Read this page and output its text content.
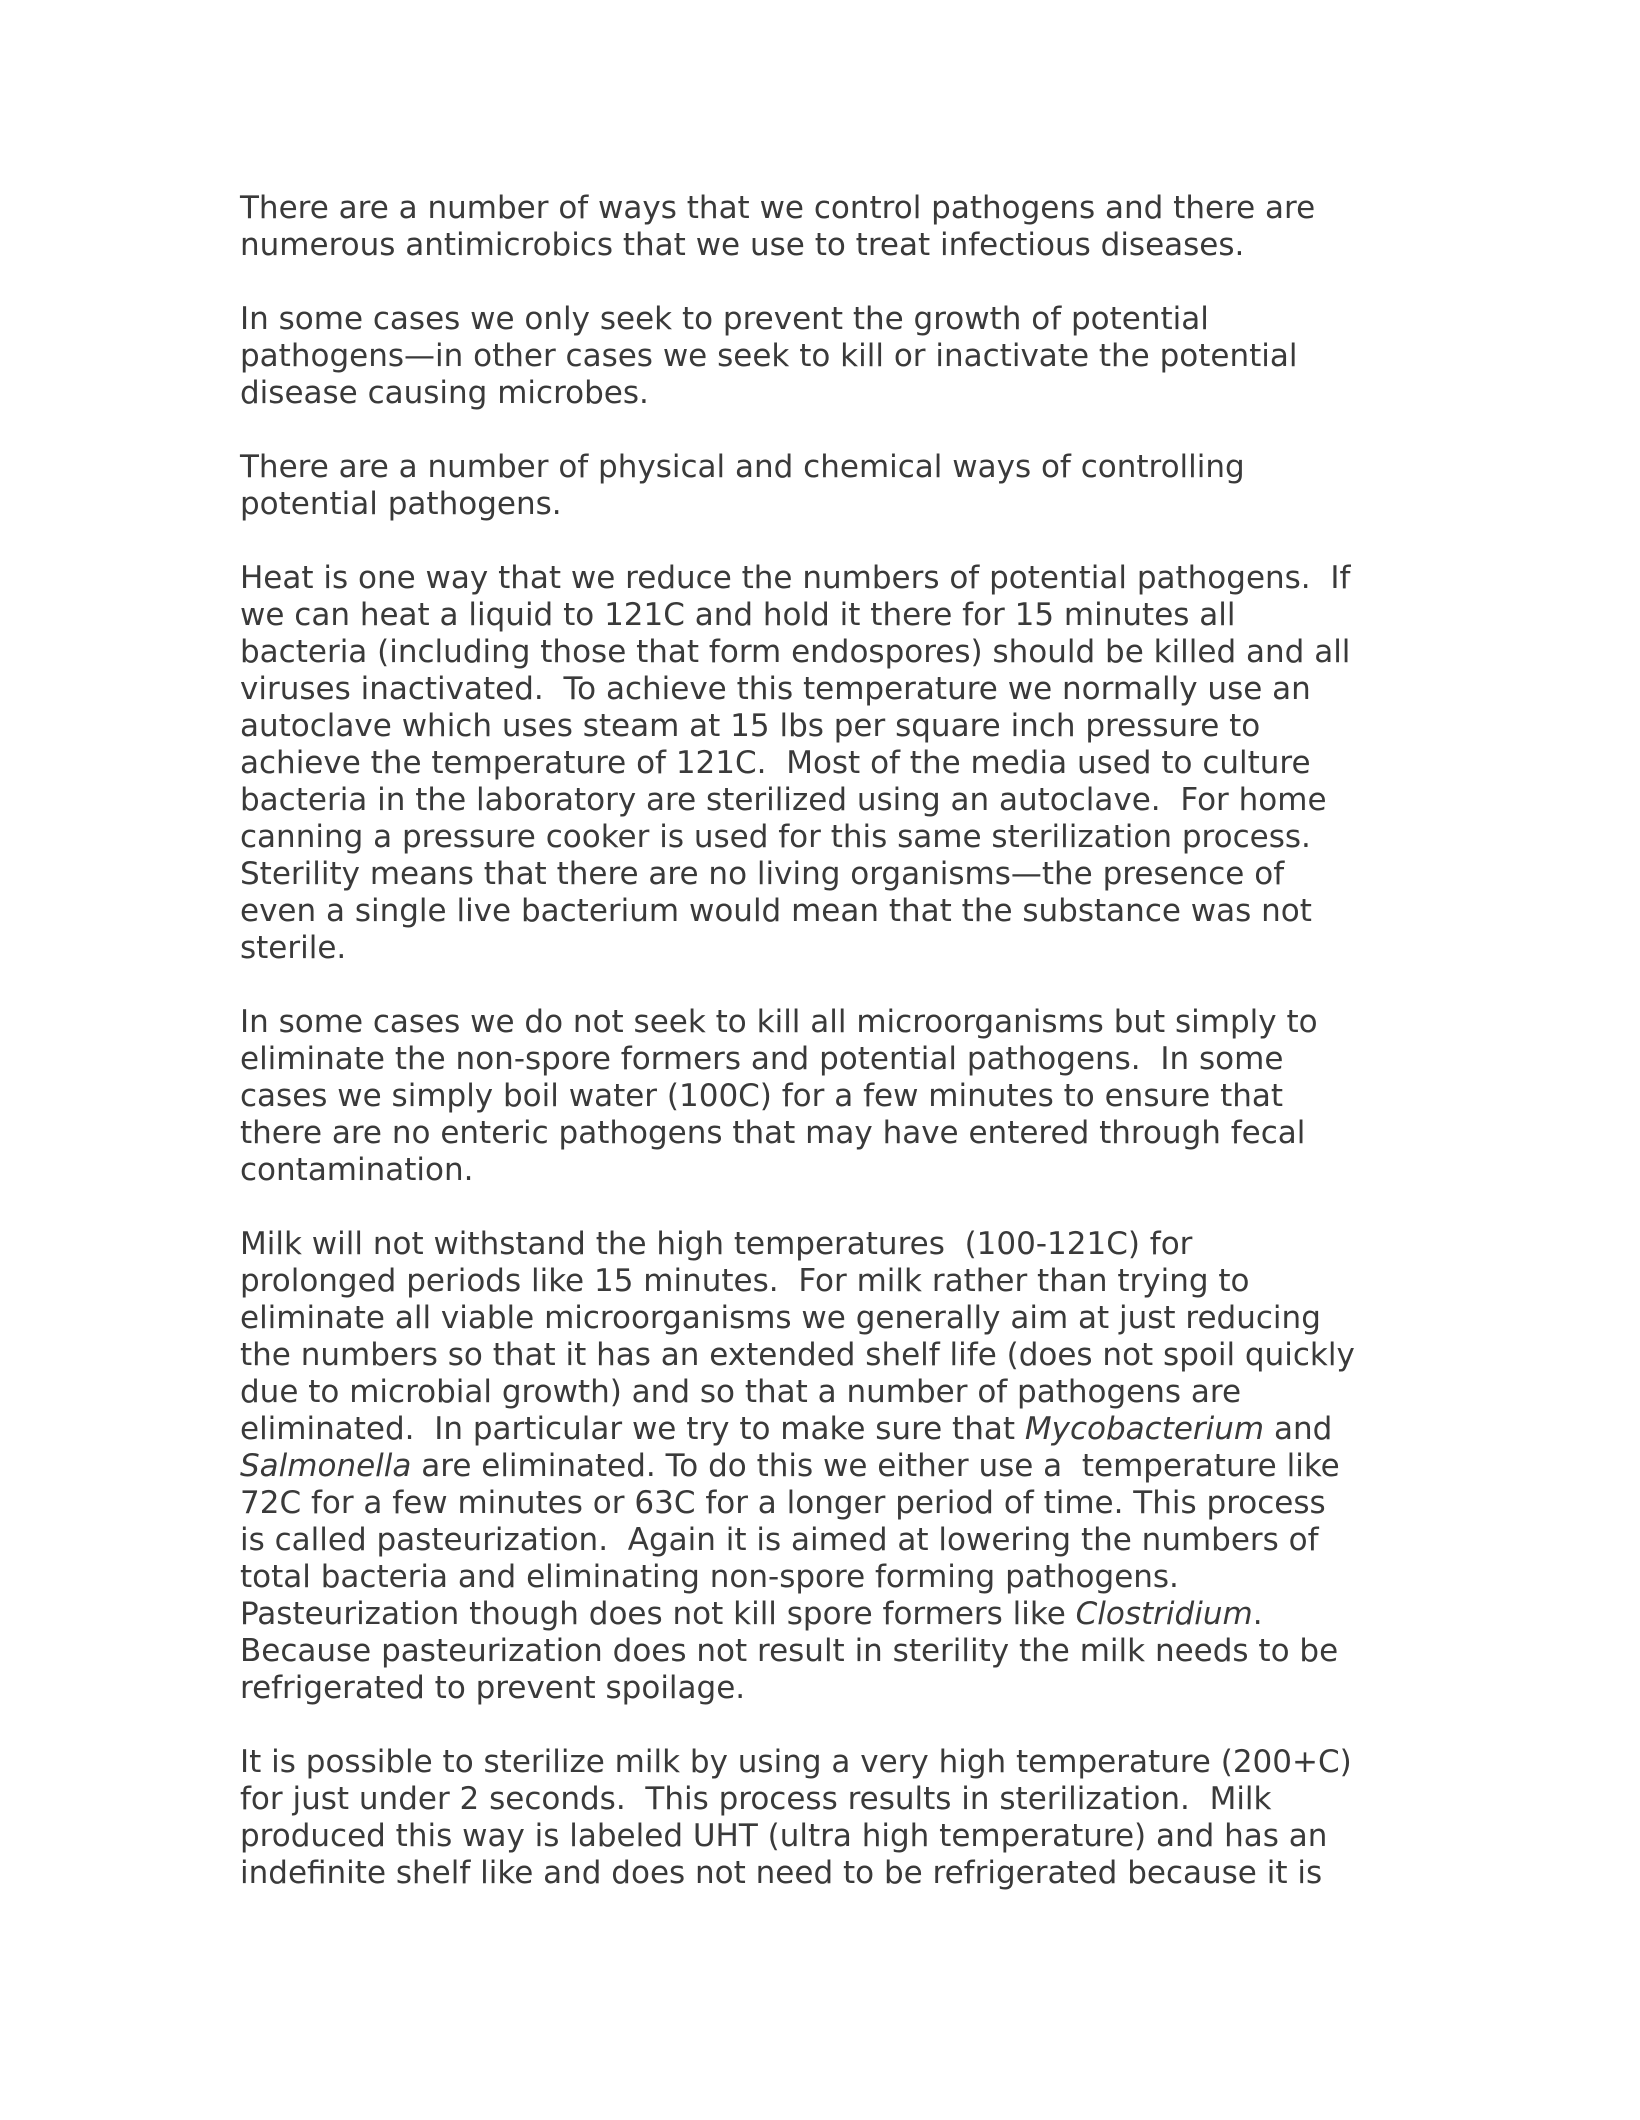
There are a number of ways that we control pathogens and there are
numerous antimicrobics that we use to treat infectious diseases.

In some cases we only seek to prevent the growth of potential
pathogens—in other cases we seek to kill or inactivate the potential
disease causing microbes.

There are a number of physical and chemical ways of controlling
potential pathogens.

Heat is one way that we reduce the numbers of potential pathogens.  If
we can heat a liquid to 121C and hold it there for 15 minutes all
bacteria (including those that form endospores) should be killed and all
viruses inactivated.  To achieve this temperature we normally use an
autoclave which uses steam at 15 lbs per square inch pressure to
achieve the temperature of 121C.  Most of the media used to culture
bacteria in the laboratory are sterilized using an autoclave.  For home
canning a pressure cooker is used for this same sterilization process.
Sterility means that there are no living organisms—the presence of
even a single live bacterium would mean that the substance was not
sterile.

In some cases we do not seek to kill all microorganisms but simply to
eliminate the non-spore formers and potential pathogens.  In some
cases we simply boil water (100C) for a few minutes to ensure that
there are no enteric pathogens that may have entered through fecal
contamination.

Milk will not withstand the high temperatures  (100-121C) for
prolonged periods like 15 minutes.  For milk rather than trying to
eliminate all viable microorganisms we generally aim at just reducing
the numbers so that it has an extended shelf life (does not spoil quickly
due to microbial growth) and so that a number of pathogens are
eliminated.  In particular we try to make sure that Mycobacterium and
Salmonella are eliminated. To do this we either use a  temperature like
72C for a few minutes or 63C for a longer period of time. This process
is called pasteurization.  Again it is aimed at lowering the numbers of
total bacteria and eliminating non-spore forming pathogens.
Pasteurization though does not kill spore formers like Clostridium.
Because pasteurization does not result in sterility the milk needs to be
refrigerated to prevent spoilage.

It is possible to sterilize milk by using a very high temperature (200+C)
for just under 2 seconds.  This process results in sterilization.  Milk
produced this way is labeled UHT (ultra high temperature) and has an
indefinite shelf like and does not need to be refrigerated because it is
